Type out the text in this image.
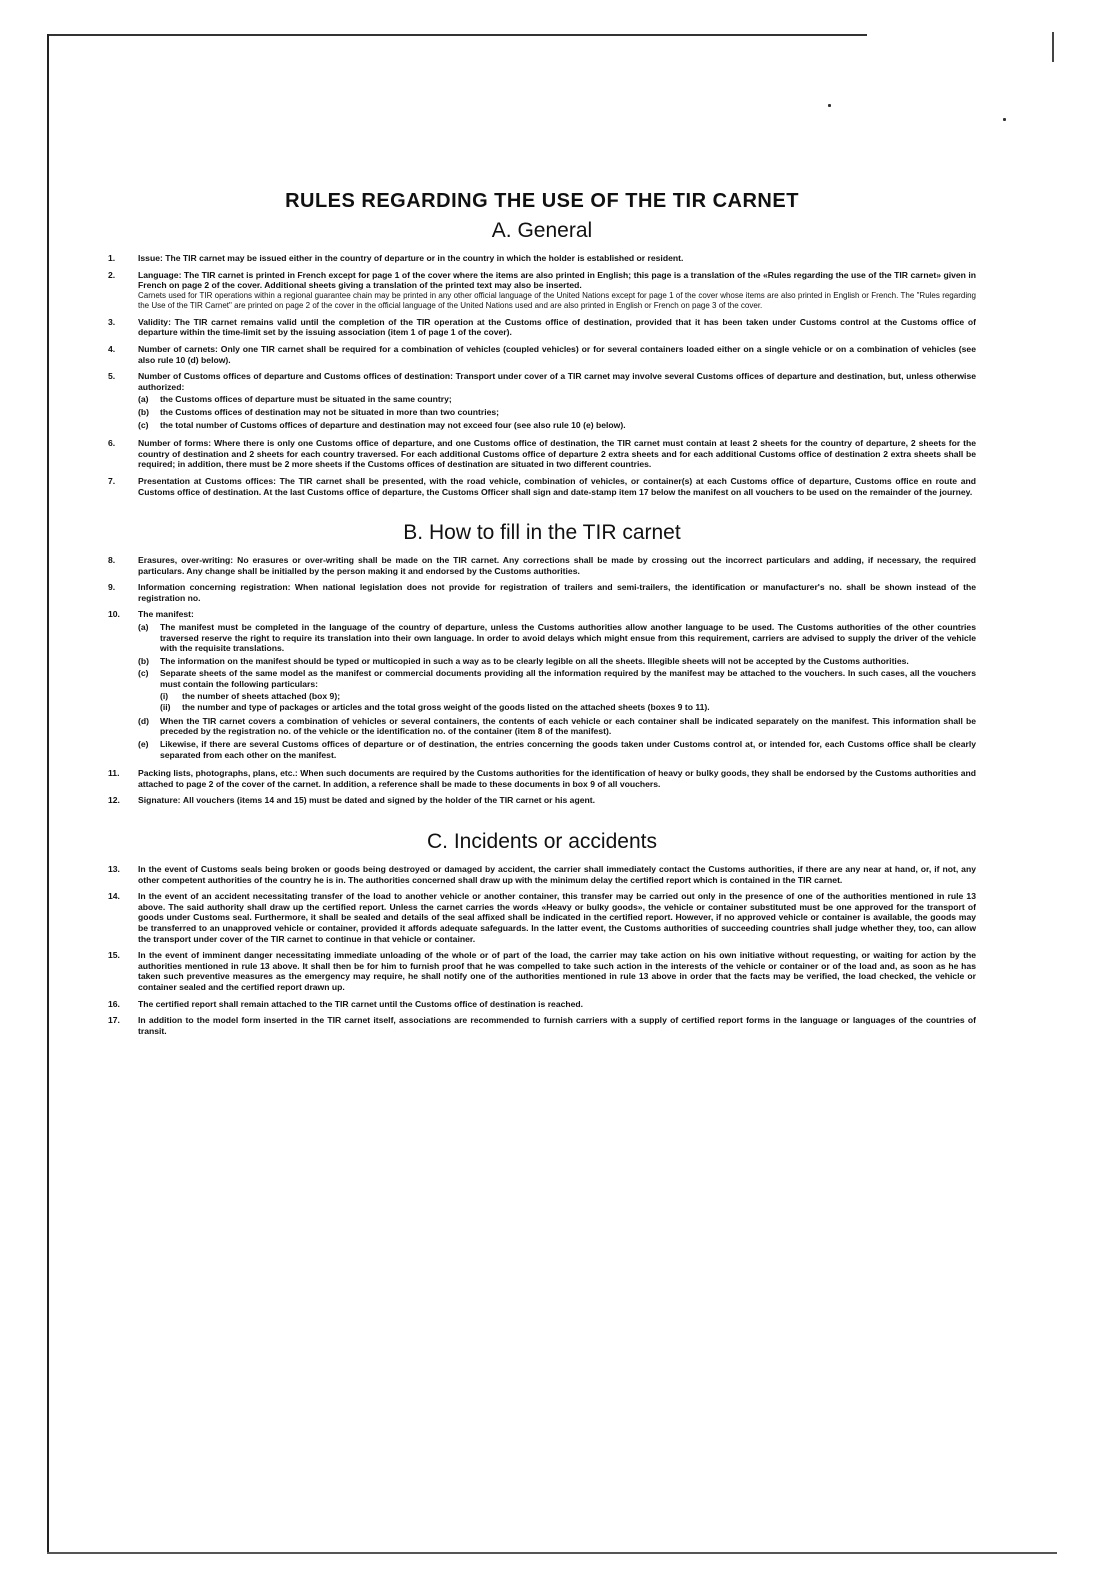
RULES REGARDING THE USE OF THE TIR CARNET
A. General
1.	Issue: The TIR carnet may be issued either in the country of departure or in the country in which the holder is established or resident.
2.	Language: The TIR carnet is printed in French except for page 1 of the cover where the items are also printed in English; this page is a translation of the «Rules regarding the use of the TIR carnet» given in French on page 2 of the cover. Additional sheets giving a translation of the printed text may also be inserted.
Carnets used for TIR operations within a regional guarantee chain may be printed in any other official language of the United Nations except for page 1 of the cover whose items are also printed in English or French. The "Rules regarding the Use of the TIR Carnet" are printed on page 2 of the cover in the official language of the United Nations used and are also printed in English or French on page 3 of the cover.
3.	Validity: The TIR carnet remains valid until the completion of the TIR operation at the Customs office of destination, provided that it has been taken under Customs control at the Customs office of departure within the time-limit set by the issuing association (item 1 of page 1 of the cover).
4.	Number of carnets: Only one TIR carnet shall be required for a combination of vehicles (coupled vehicles) or for several containers loaded either on a single vehicle or on a combination of vehicles (see also rule 10 (d) below).
5.	Number of Customs offices of departure and Customs offices of destination: Transport under cover of a TIR carnet may involve several Customs offices of departure and destination, but, unless otherwise authorized:
(a)	the Customs offices of departure must be situated in the same country;
(b)	the Customs offices of destination may not be situated in more than two countries;
(c)	the total number of Customs offices of departure and destination may not exceed four (see also rule 10 (e) below).
6.	Number of forms: Where there is only one Customs office of departure, and one Customs office of destination, the TIR carnet must contain at least 2 sheets for the country of departure, 2 sheets for the country of destination and 2 sheets for each country traversed. For each additional Customs office of departure 2 extra sheets and for each additional Customs office of destination 2 extra sheets shall be required; in addition, there must be 2 more sheets if the Customs offices of destination are situated in two different countries.
7.	Presentation at Customs offices: The TIR carnet shall be presented, with the road vehicle, combination of vehicles, or container(s) at each Customs office of departure, Customs office en route and Customs office of destination. At the last Customs office of departure, the Customs Officer shall sign and date-stamp item 17 below the manifest on all vouchers to be used on the remainder of the journey.
B. How to fill in the TIR carnet
8.	Erasures, over-writing: No erasures or over-writing shall be made on the TIR carnet. Any corrections shall be made by crossing out the incorrect particulars and adding, if necessary, the required particulars. Any change shall be initialled by the person making it and endorsed by the Customs authorities.
9.	Information concerning registration: When national legislation does not provide for registration of trailers and semi-trailers, the identification or manufacturer's no. shall be shown instead of the registration no.
10.	The manifest:
(a)	The manifest must be completed in the language of the country of departure, unless the Customs authorities allow another language to be used. The Customs authorities of the other countries traversed reserve the right to require its translation into their own language. In order to avoid delays which might ensue from this requirement, carriers are advised to supply the driver of the vehicle with the requisite translations.
(b)	The information on the manifest should be typed or multicopied in such a way as to be clearly legible on all the sheets. Illegible sheets will not be accepted by the Customs authorities.
(c)	Separate sheets of the same model as the manifest or commercial documents providing all the information required by the manifest may be attached to the vouchers. In such cases, all the vouchers must contain the following particulars:
(i)	the number of sheets attached (box 9);
(ii)	the number and type of packages or articles and the total gross weight of the goods listed on the attached sheets (boxes 9 to 11).
(d)	When the TIR carnet covers a combination of vehicles or several containers, the contents of each vehicle or each container shall be indicated separately on the manifest. This information shall be preceded by the registration no. of the vehicle or the identification no. of the container (item 8 of the manifest).
(e)	Likewise, if there are several Customs offices of departure or of destination, the entries concerning the goods taken under Customs control at, or intended for, each Customs office shall be clearly separated from each other on the manifest.
11.	Packing lists, photographs, plans, etc.: When such documents are required by the Customs authorities for the identification of heavy or bulky goods, they shall be endorsed by the Customs authorities and attached to page 2 of the cover of the carnet. In addition, a reference shall be made to these documents in box 9 of all vouchers.
12.	Signature: All vouchers (items 14 and 15) must be dated and signed by the holder of the TIR carnet or his agent.
C. Incidents or accidents
13.	In the event of Customs seals being broken or goods being destroyed or damaged by accident, the carrier shall immediately contact the Customs authorities, if there are any near at hand, or, if not, any other competent authorities of the country he is in. The authorities concerned shall draw up with the minimum delay the certified report which is contained in the TIR carnet.
14.	In the event of an accident necessitating transfer of the load to another vehicle or another container, this transfer may be carried out only in the presence of one of the authorities mentioned in rule 13 above. The said authority shall draw up the certified report. Unless the carnet carries the words «Heavy or bulky goods», the vehicle or container substituted must be one approved for the transport of goods under Customs seal. Furthermore, it shall be sealed and details of the seal affixed shall be indicated in the certified report. However, if no approved vehicle or container is available, the goods may be transferred to an unapproved vehicle or container, provided it affords adequate safeguards. In the latter event, the Customs authorities of succeeding countries shall judge whether they, too, can allow the transport under cover of the TIR carnet to continue in that vehicle or container.
15.	In the event of imminent danger necessitating immediate unloading of the whole or of part of the load, the carrier may take action on his own initiative without requesting, or waiting for action by the authorities mentioned in rule 13 above. It shall then be for him to furnish proof that he was compelled to take such action in the interests of the vehicle or container or of the load and, as soon as he has taken such preventive measures as the emergency may require, he shall notify one of the authorities mentioned in rule 13 above in order that the facts may be verified, the load checked, the vehicle or container sealed and the certified report drawn up.
16.	The certified report shall remain attached to the TIR carnet until the Customs office of destination is reached.
17.	In addition to the model form inserted in the TIR carnet itself, associations are recommended to furnish carriers with a supply of certified report forms in the language or languages of the countries of transit.
